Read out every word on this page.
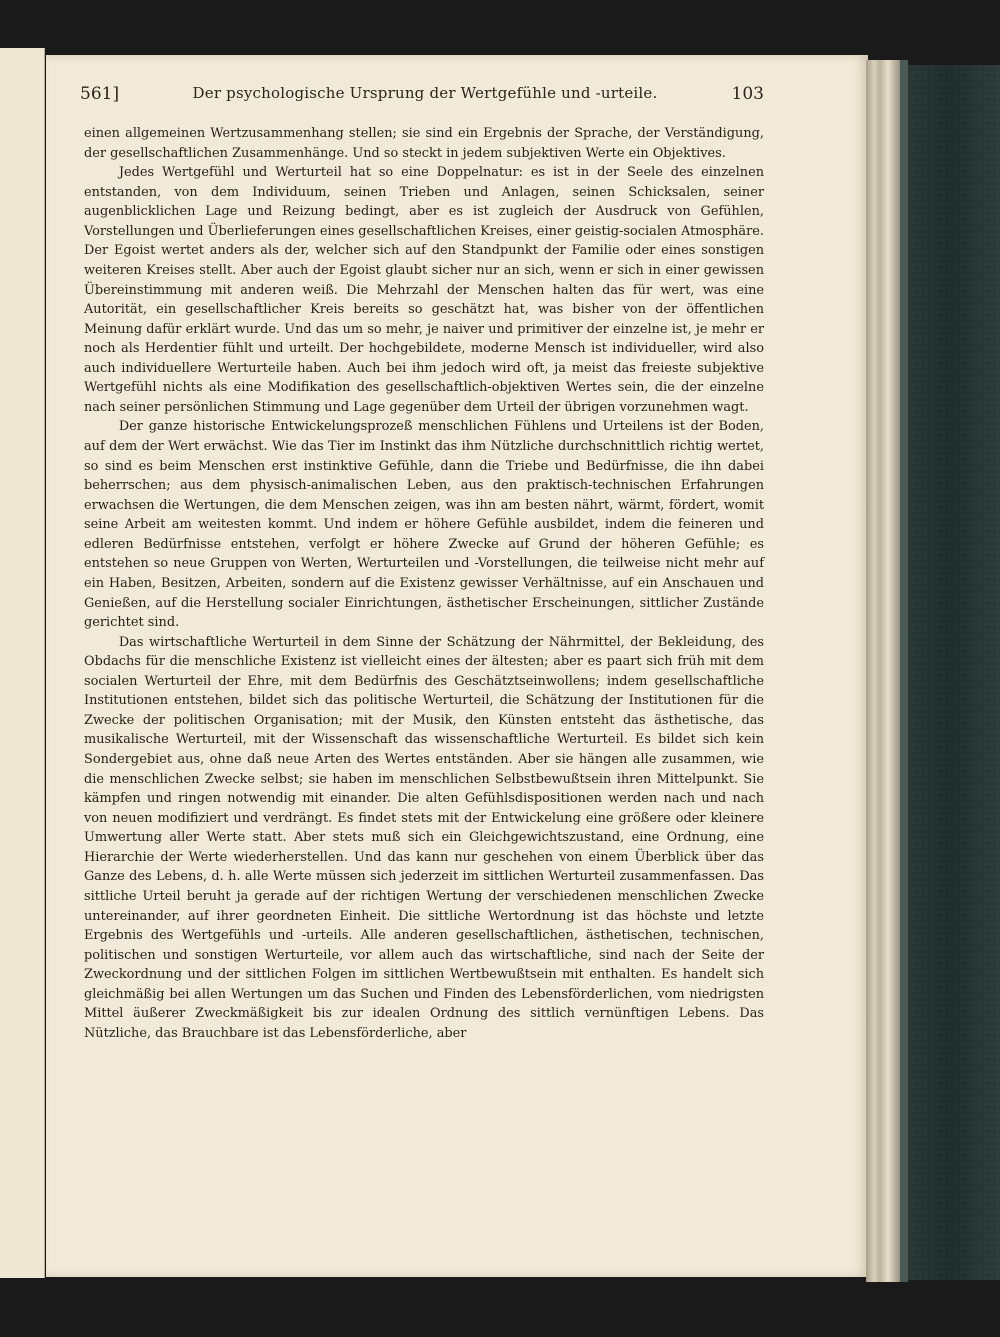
561]	Der psychologische Ursprung der Wertgefühle und -urteile.	103

einen allgemeinen Wertzusammenhang stellen; sie sind ein Ergebnis der Sprache, der Verständigung, der gesellschaftlichen Zusammenhänge. Und so steckt in jedem subjektiven Werte ein Objektives.

Jedes Wertgefühl und Werturteil hat so eine Doppelnatur: es ist in der Seele des einzelnen entstanden, von dem Individuum, seinen Trieben und Anlagen, seinen Schicksalen, seiner augenblicklichen Lage und Reizung bedingt, aber es ist zugleich der Ausdruck von Gefühlen, Vorstellungen und Überlieferungen eines gesellschaftlichen Kreises, einer geistig-socialen Atmosphäre. Der Egoist wertet anders als der, welcher sich auf den Standpunkt der Familie oder eines sonstigen weiteren Kreises stellt. Aber auch der Egoist glaubt sicher nur an sich, wenn er sich in einer gewissen Übereinstimmung mit anderen weiß. Die Mehrzahl der Menschen halten das für wert, was eine Autorität, ein gesellschaftlicher Kreis bereits so geschätzt hat, was bisher von der öffentlichen Meinung dafür erklärt wurde. Und das um so mehr, je naiver und primitiver der einzelne ist, je mehr er noch als Herdentier fühlt und urteilt. Der hochgebildete, moderne Mensch ist individueller, wird also auch individuellere Werturteile haben. Auch bei ihm jedoch wird oft, ja meist das freieste subjektive Wertgefühl nichts als eine Modifikation des gesellschaftlich-objektiven Wertes sein, die der einzelne nach seiner persönlichen Stimmung und Lage gegenüber dem Urteil der übrigen vorzunehmen wagt.

Der ganze historische Entwickelungsprozeß menschlichen Fühlens und Urteilens ist der Boden, auf dem der Wert erwächst. Wie das Tier im Instinkt das ihm Nützliche durchschnittlich richtig wertet, so sind es beim Menschen erst instinktive Gefühle, dann die Triebe und Bedürfnisse, die ihn dabei beherrschen; aus dem physisch-animalischen Leben, aus den praktisch-technischen Erfahrungen erwachsen die Wertungen, die dem Menschen zeigen, was ihn am besten nährt, wärmt, fördert, womit seine Arbeit am weitesten kommt. Und indem er höhere Gefühle ausbildet, indem die feineren und edleren Bedürfnisse entstehen, verfolgt er höhere Zwecke auf Grund der höheren Gefühle; es entstehen so neue Gruppen von Werten, Werturteilen und -Vorstellungen, die teilweise nicht mehr auf ein Haben, Besitzen, Arbeiten, sondern auf die Existenz gewisser Verhältnisse, auf ein Anschauen und Genießen, auf die Herstellung socialer Einrichtungen, ästhetischer Erscheinungen, sittlicher Zustände gerichtet sind.

Das wirtschaftliche Werturteil in dem Sinne der Schätzung der Nährmittel, der Bekleidung, des Obdachs für die menschliche Existenz ist vielleicht eines der ältesten; aber es paart sich früh mit dem socialen Werturteil der Ehre, mit dem Bedürfnis des Geschätztseinwollens; indem gesellschaftliche Institutionen entstehen, bildet sich das politische Werturteil, die Schätzung der Institutionen für die Zwecke der politischen Organisation; mit der Musik, den Künsten entsteht das ästhetische, das musikalische Werturteil, mit der Wissenschaft das wissenschaftliche Werturteil. Es bildet sich kein Sondergebiet aus, ohne daß neue Arten des Wertes entständen. Aber sie hängen alle zusammen, wie die menschlichen Zwecke selbst; sie haben im menschlichen Selbstbewußtsein ihren Mittelpunkt. Sie kämpfen und ringen notwendig mit einander. Die alten Gefühlsdispositionen werden nach und nach von neuen modifiziert und verdrängt. Es findet stets mit der Entwickelung eine größere oder kleinere Umwertung aller Werte statt. Aber stets muß sich ein Gleichgewichtszustand, eine Ordnung, eine Hierarchie der Werte wiederherstellen. Und das kann nur geschehen von einem Überblick über das Ganze des Lebens, d. h. alle Werte müssen sich jederzeit im sittlichen Werturteil zusammenfassen. Das sittliche Urteil beruht ja gerade auf der richtigen Wertung der verschiedenen menschlichen Zwecke untereinander, auf ihrer geordneten Einheit. Die sittliche Wertordnung ist das höchste und letzte Ergebnis des Wertgefühls und -urteils. Alle anderen gesellschaftlichen, ästhetischen, technischen, politischen und sonstigen Werturteile, vor allem auch das wirtschaftliche, sind nach der Seite der Zweckordnung und der sittlichen Folgen im sittlichen Wertbewußtsein mit enthalten. Es handelt sich gleichmäßig bei allen Wertungen um das Suchen und Finden des Lebensförderlichen, vom niedrigsten Mittel äußerer Zweckmäßigkeit bis zur idealen Ordnung des sittlich vernünftigen Lebens. Das Nützliche, das Brauchbare ist das Lebensförderliche, aber
